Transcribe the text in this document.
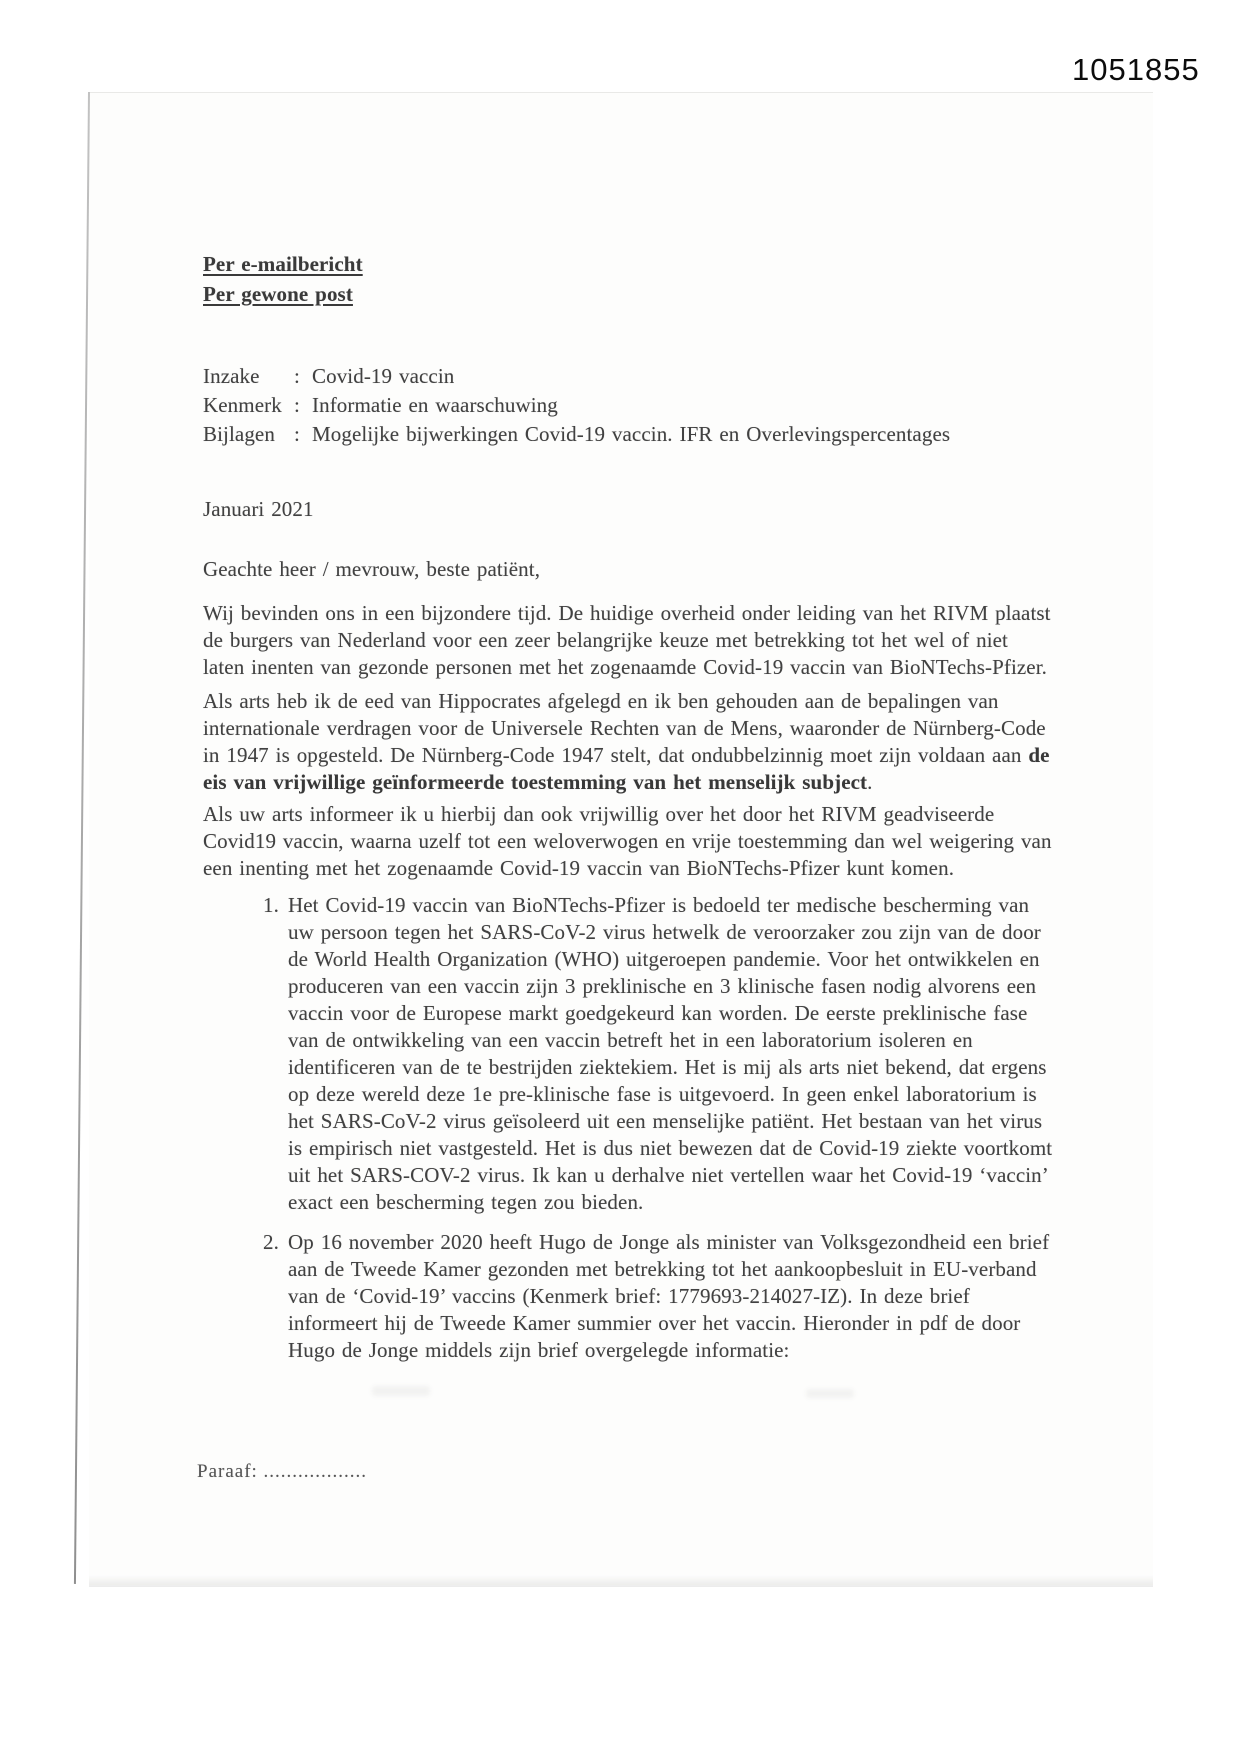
1051855
Per e-mailbericht
Per gewone post
Inzake	: Covid-19 vaccin
Kenmerk : Informatie en waarschuwing
Bijlagen : Mogelijke bijwerkingen Covid-19 vaccin. IFR en Overlevingspercentages
Januari 2021
Geachte heer / mevrouw, beste patiënt,

Wij bevinden ons in een bijzondere tijd. De huidige overheid onder leiding van het RIVM plaatst de burgers van Nederland voor een zeer belangrijke keuze met betrekking tot het wel of niet laten inenten van gezonde personen met het zogenaamde Covid-19 vaccin van BioNTechs-Pfizer.

Als arts heb ik de eed van Hippocrates afgelegd en ik ben gehouden aan de bepalingen van internationale verdragen voor de Universele Rechten van de Mens, waaronder de Nürnberg-Code in 1947 is opgesteld. De Nürnberg-Code 1947 stelt, dat ondubbelzinnig moet zijn voldaan aan de eis van vrijwillige geïnformeerde toestemming van het menselijk subject.

Als uw arts informeer ik u hierbij dan ook vrijwillig over het door het RIVM geadviseerde Covid19 vaccin, waarna uzelf tot een weloverwogen en vrije toestemming dan wel weigering van een inenting met het zogenaamde Covid-19 vaccin van BioNTechs-Pfizer kunt komen.

1. Het Covid-19 vaccin van BioNTechs-Pfizer is bedoeld ter medische bescherming van uw persoon tegen het SARS-CoV-2 virus hetwelk de veroorzaker zou zijn van de door de World Health Organization (WHO) uitgeroepen pandemie. Voor het ontwikkelen en produceren van een vaccin zijn 3 preklinische en 3 klinische fasen nodig alvorens een vaccin voor de Europese markt goedgekeurd kan worden. De eerste preklinische fase van de ontwikkeling van een vaccin betreft het in een laboratorium isoleren en identificeren van de te bestrijden ziektekiem. Het is mij als arts niet bekend, dat ergens op deze wereld deze 1e pre-klinische fase is uitgevoerd. In geen enkel laboratorium is het SARS-CoV-2 virus geïsoleerd uit een menselijke patiënt. Het bestaan van het virus is empirisch niet vastgesteld. Het is dus niet bewezen dat de Covid-19 ziekte voortkomt uit het SARS-COV-2 virus. Ik kan u derhalve niet vertellen waar het Covid-19 ‘vaccin’ exact een bescherming tegen zou bieden.
2. Op 16 november 2020 heeft Hugo de Jonge als minister van Volksgezondheid een brief aan de Tweede Kamer gezonden met betrekking tot het aankoopbesluit in EU-verband van de ‘Covid-19’ vaccins (Kenmerk brief: 1779693-214027-IZ). In deze brief informeert hij de Tweede Kamer summier over het vaccin. Hieronder in pdf de door Hugo de Jonge middels zijn brief overgelegde informatie:
Paraaf: ..................
